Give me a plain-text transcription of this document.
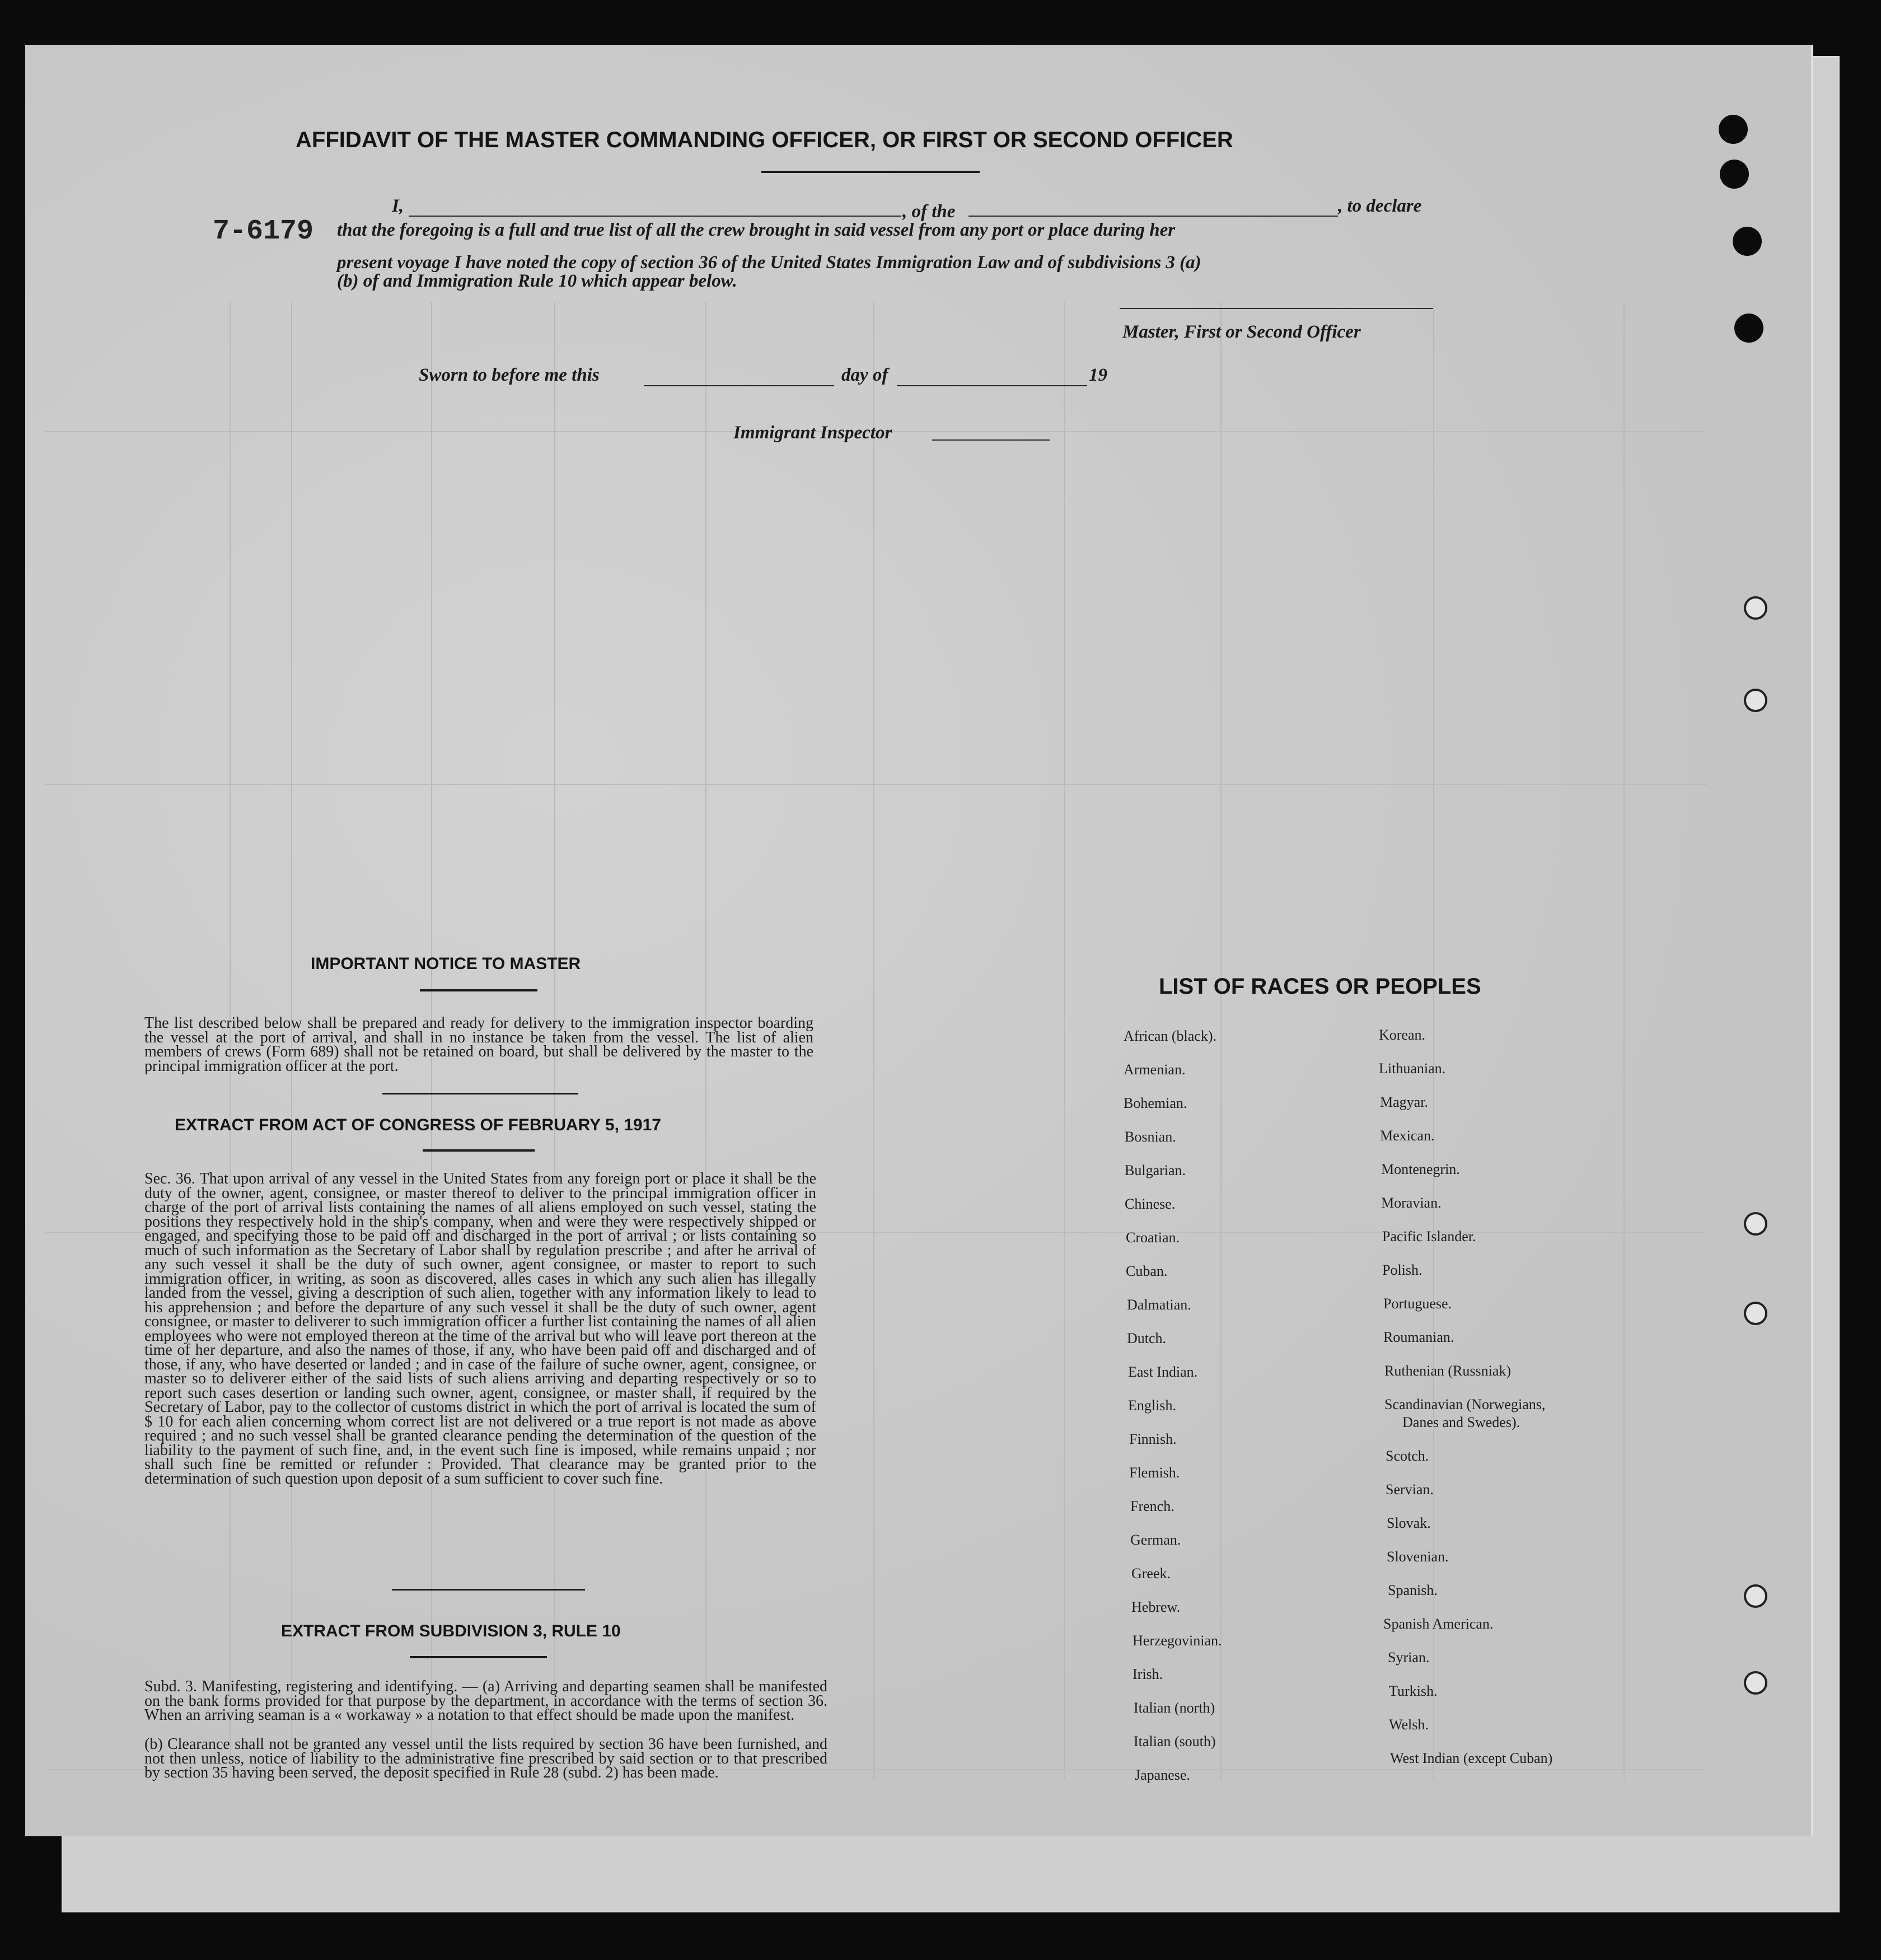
7-6179
AFFIDAVIT OF THE MASTER COMMANDING OFFICER, OR FIRST OR SECOND OFFICER
I,	, of the	, to declare
that the foregoing is a full and true list of all the crew brought in said vessel from any port or place during her
present voyage I have noted the copy of section 36 of the United States Immigration Law and of subdivisions 3 (a)
(b) of and Immigration Rule 10 which appear below.
Master, First or Second Officer
Sworn to before me this	day of	19
Immigrant Inspector
IMPORTANT NOTICE TO MASTER
The list described below shall be prepared and ready for delivery to the immigration inspector boarding the vessel at the port of arrival, and shall in no instance be taken from the vessel. The list of alien members of crews (Form 689) shall not be retained on board, but shall be delivered by the master to the principal immigration officer at the port.
EXTRACT FROM ACT OF CONGRESS OF FEBRUARY 5, 1917
Sec. 36. That upon arrival of any vessel in the United States from any foreign port or place it shall be the duty of the owner, agent, consignee, or master thereof to deliver to the principal immigration officer in charge of the port of arrival lists containing the names of all aliens employed on such vessel, stating the positions they respectively hold in the ship's company, when and were they were respectively shipped or engaged, and specifying those to be paid off and discharged in the port of arrival ; or lists containing so much of such information as the Secretary of Labor shall by regulation prescribe ; and after he arrival of any such vessel it shall be the duty of such owner, agent consignee, or master to report to such immigration officer, in writing, as soon as discovered, alles cases in which any such alien has illegally landed from the vessel, giving a description of such alien, together with any information likely to lead to his apprehension ; and before the departure of any such vessel it shall be the duty of such owner, agent consignee, or master to deliverer to such immigration officer a further list containing the names of all alien employees who were not employed thereon at the time of the arrival but who will leave port thereon at the time of her departure, and also the names of those, if any, who have been paid off and discharged and of those, if any, who have deserted or landed ; and in case of the failure of suche owner, agent, consignee, or master so to deliverer either of the said lists of such aliens arriving and departing respectively or so to report such cases desertion or landing such owner, agent, consignee, or master shall, if required by the Secretary of Labor, pay to the collector of customs district in which the port of arrival is located the sum of $ 10 for each alien concerning whom correct list are not delivered or a true report is not made as above required ; and no such vessel shall be granted clearance pending the determination of the question of the liability to the payment of such fine, and, in the event such fine is imposed, while remains unpaid ; nor shall such fine be remitted or refunder : Provided. That clearance may be granted prior to the determination of such question upon deposit of a sum sufficient to cover such fine.
EXTRACT FROM SUBDIVISION 3, RULE 10
Subd. 3. Manifesting, registering and identifying. — (a) Arriving and departing seamen shall be manifested on the bank forms provided for that purpose by the department, in accordance with the terms of section 36. When an arriving seaman is a « workaway » a notation to that effect should be made upon the manifest.
(b) Clearance shall not be granted any vessel until the lists required by section 36 have been furnished, and not then unless, notice of liability to the administrative fine prescribed by said section or to that prescribed by section 35 having been served, the deposit specified in Rule 28 (subd. 2) has been made.
LIST OF RACES OR PEOPLES
African (black).
Armenian.
Bohemian.
Bosnian.
Bulgarian.
Chinese.
Croatian.
Cuban.
Dalmatian.
Dutch.
East Indian.
English.
Finnish.
Flemish.
French.
German.
Greek.
Hebrew.
Herzegovinian.
Irish.
Italian (north)
Italian (south)
Japanese.
Korean.
Lithuanian.
Magyar.
Mexican.
Montenegrin.
Moravian.
Pacific Islander.
Polish.
Portuguese.
Roumanian.
Ruthenian (Russniak)
Scandinavian (Norwegians,
Danes and Swedes).
Scotch.
Servian.
Slovak.
Slovenian.
Spanish.
Spanish American.
Syrian.
Turkish.
Welsh.
West Indian (except Cuban)
